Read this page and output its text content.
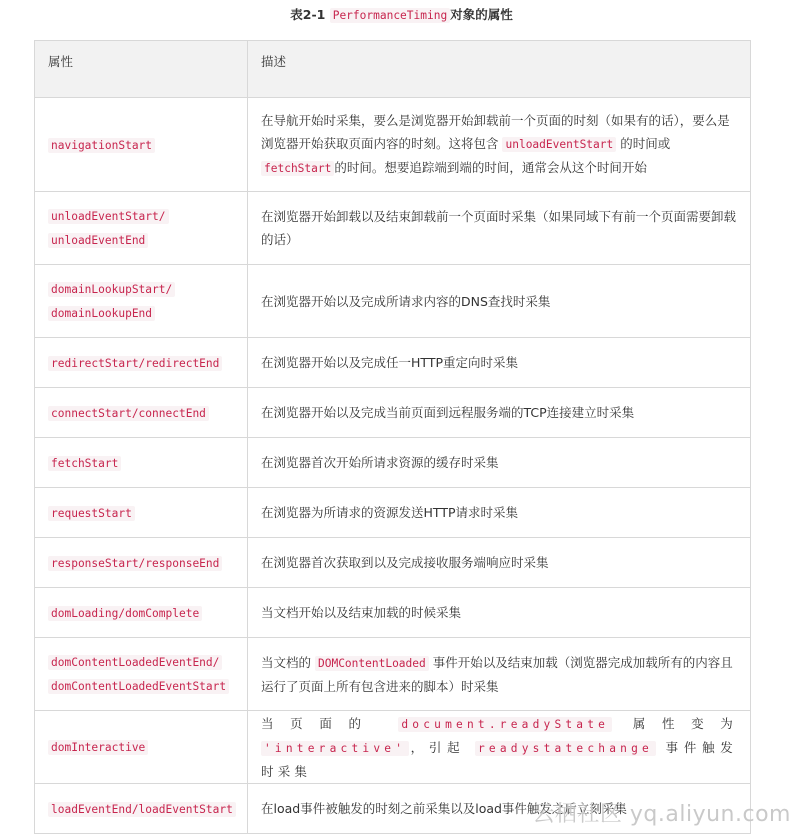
表2-1 PerformanceTiming 对象的属性
属性	描述
navigationStart	在导航开始时采集，要么是浏览器开始卸载前一个页面的时刻（如果有的话），要么是浏览器开始获取页面内容的时刻。这将包含 unloadEventStart 的时间或 fetchStart 的时间。想要追踪端到端的时间，通常会从这个时间开始
unloadEventStart/
unloadEventEnd	在浏览器开始卸载以及结束卸载前一个页面时采集（如果同域下有前一个页面需要卸载的话）
domainLookupStart/
domainLookupEnd	在浏览器开始以及完成所请求内容的DNS查找时采集
redirectStart/redirectEnd	在浏览器开始以及完成任一HTTP重定向时采集
connectStart/connectEnd	在浏览器开始以及完成当前页面到远程服务端的TCP连接建立时采集
fetchStart	在浏览器首次开始所请求资源的缓存时采集
requestStart	在浏览器为所请求的资源发送HTTP请求时采集
responseStart/responseEnd	在浏览器首次获取到以及完成接收服务端响应时采集
domLoading/domComplete	当文档开始以及结束加载的时候采集
domContentLoadedEventEnd/
domContentLoadedEventStart	当文档的 DOMContentLoaded 事件开始以及结束加载（浏览器完成加载所有的内容且运行了页面上所有包含进来的脚本）时采集
domInteractive	当页面的 document.readyState 属性变为 'interactive' ，引起 readystatechange 事件触发时采集
loadEventEnd/loadEventStart	在load事件被触发的时刻之前采集以及load事件触发之后立刻采集
云栖社区 yq.aliyun.com
